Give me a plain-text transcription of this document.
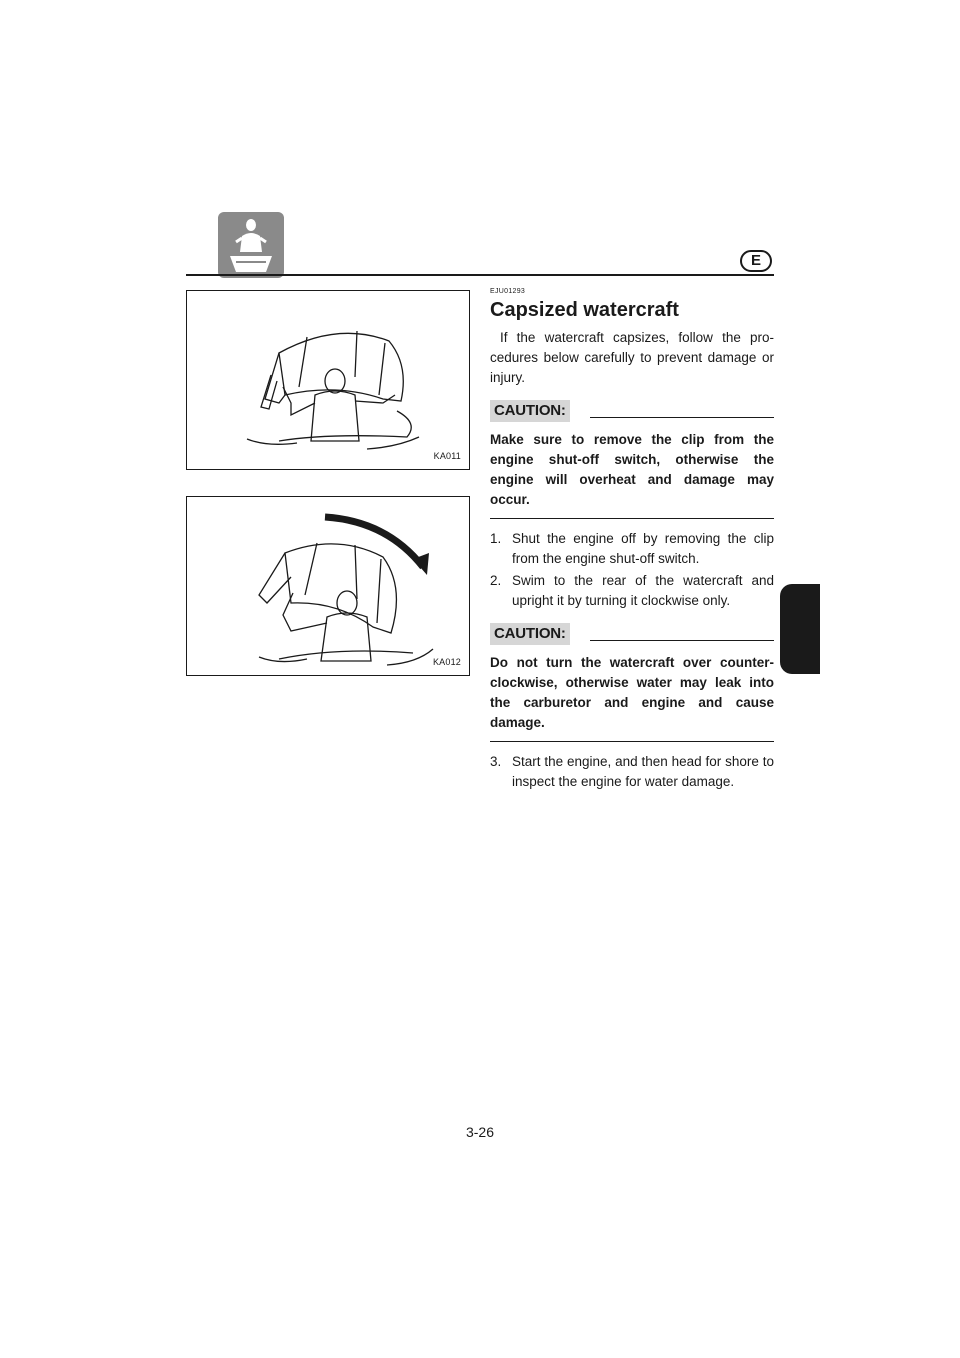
E
KA011
KA012

EJU01293

Capsized watercraft

If the watercraft capsizes, follow the pro-cedures below carefully to prevent damage or injury.

CAUTION:

Make sure to remove the clip from the engine shut-off switch, otherwise the engine will overheat and damage may occur.

1. Shut the engine off by removing the clip from the engine shut-off switch.
2. Swim to the rear of the watercraft and upright it by turning it clockwise only.
CAUTION:

Do not turn the watercraft over counter-clockwise, otherwise water may leak into the carburetor and engine and cause damage.

3. Start the engine, and then head for shore to inspect the engine for water damage.
3-26
